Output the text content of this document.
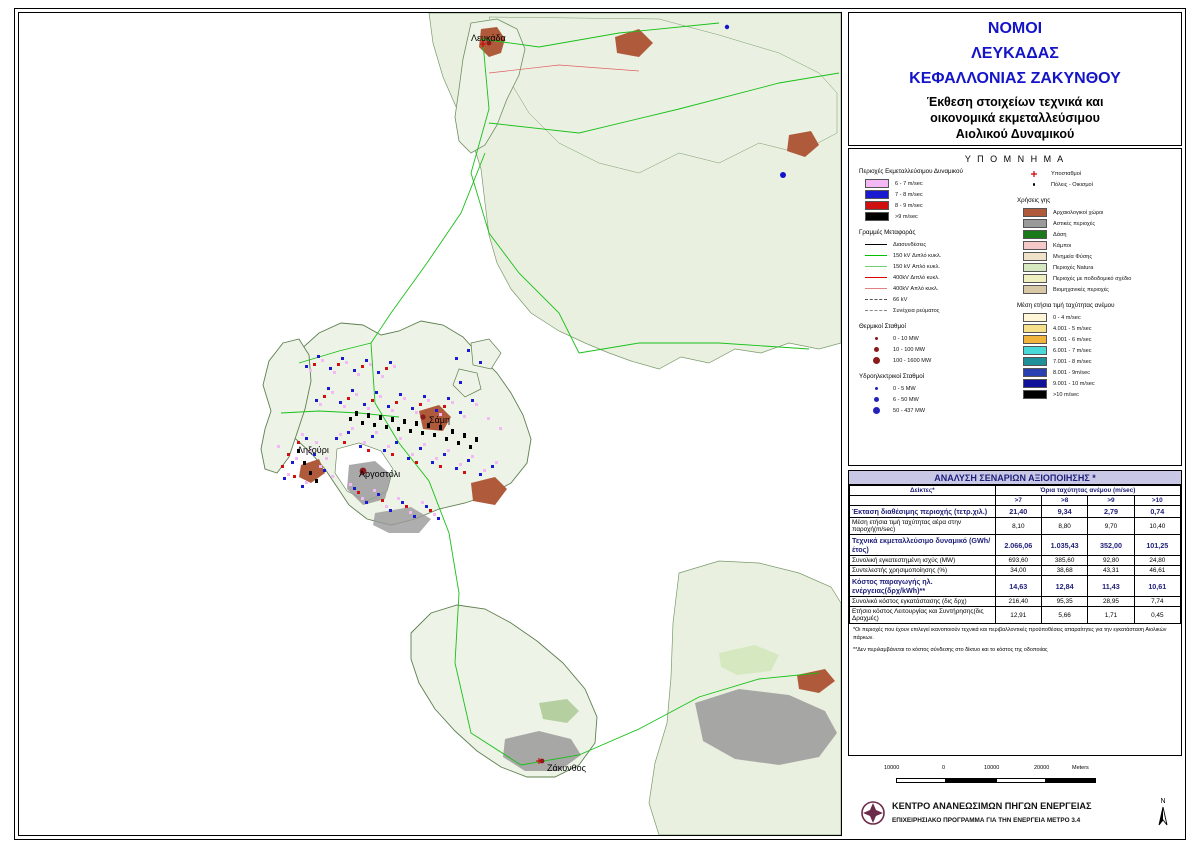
Λευκάδα
Σάμη
Ληξούρι
Αργοστόλι
Ζάκυνθος
ΝΟΜΟΙ
ΛΕΥΚΑΔΑΣ
ΚΕΦΑΛΛΟΝΙΑΣ ΖΑΚΥΝΘΟΥ
Έκθεση στοιχείων τεχνικά και
οικονομικά εκμεταλλεύσιμου
Αιολικού Δυναμικού
Υ Π Ο Μ Ν Η Μ Α
Περιοχές Εκμεταλλεύσιμου Δυναμικού
6 - 7 m/sec
7 - 8 m/sec
8 - 9 m/sec
>9 m/sec
Γραμμές Μεταφοράς
Διασυνδέσεις
150 kV Διπλό κυκλ.
150 kV Απλό κυκλ.
400kV Διπλό κυκλ.
400kV Απλό κυκλ.
66 kV
Συνέχεια ρεύματος
Θερμικοί Σταθμοί
0 - 10 MW
10 - 100 MW
100 - 1600 MW
Υδροηλεκτρικοί Σταθμοί
0 - 5 MW
6 - 50 MW
50 - 437 MW
Υποσταθμοί
Πόλεις - Οικισμοί
Χρήσεις γης
Αρχαιολογικοί χώροι
Αστικές περιοχές
Δάση
Κάμποι
Μνημεία Φύσης
Περιοχές Natura
Περιοχές με ποδοδομικό σχέδιο
Βιομηχανικές περιοχές
Μέση ετήσια τιμή ταχύτητας ανέμου
0 - 4 m/sec
4.001 - 5 m/sec
5.001 - 6 m/sec
6.001 - 7 m/sec
7.001 - 8 m/sec
8.001 - 9m/sec
9.001 - 10 m/sec
>10 m/sec
ΑΝΑΛΥΣΗ ΣΕΝΑΡΙΩΝ ΑΞΙΟΠΟΙΗΣΗΣ *
Δείκτες*	Όρια ταχύτητας ανέμου (m/sec)			
	>7	>8	>9	>10
Έκταση διαθέσιμης περιοχής (τετρ.χιλ.)	21,40	9,34	2,79	0,74
Μέση ετήσια τιμή ταχύτητας αέρα στην παροχή(m/sec)	8,10	8,80	9,70	10,40
Τεχνικά εκμεταλλεύσιμο δυναμικό (GWh/έτος)	2.066,06	1.035,43	352,00	101,25
Συνολική εγκατεστημένη ισχύς (MW)	693,60	385,60	92,80	24,80
Συντελεστής χρησιμοποίησης (%)	34,00	38,68	43,31	46,61
Κόστος παραγωγής ηλ. ενέργειας(δρχ/kWh)**	14,63	12,84	11,43	10,61
Συνολικό κόστος εγκατάστασης (δις δρχ)	216,40	95,35	28,95	7,74
Ετήσιο κόστος Λειτουργίας και Συντήρησης(δις Δραχμές)	12,91	5,66	1,71	0,45

*Οι περιοχές που έχουν επιλεγεί ικανοποιούν τεχνικά και περιβαλλοντικές προϋποθέσεις απαραίτητες για την εγκατάσταση Αιολικών πάρκων.

**Δεν περιλαμβάνεται το κόστος σύνδεσης στο δίκτυο και το κόστος της οδοποιίας

10000	0	10000	20000	Meters
ΚΕΝΤΡΟ ΑΝΑΝΕΩΣΙΜΩΝ ΠΗΓΩΝ ΕΝΕΡΓΕΙΑΣ
ΕΠΙΧΕΙΡΗΣΙΑΚΟ ΠΡΟΓΡΑΜΜΑ ΓΙΑ ΤΗΝ ΕΝΕΡΓΕΙΑ ΜΕΤΡΟ 3.4
N
